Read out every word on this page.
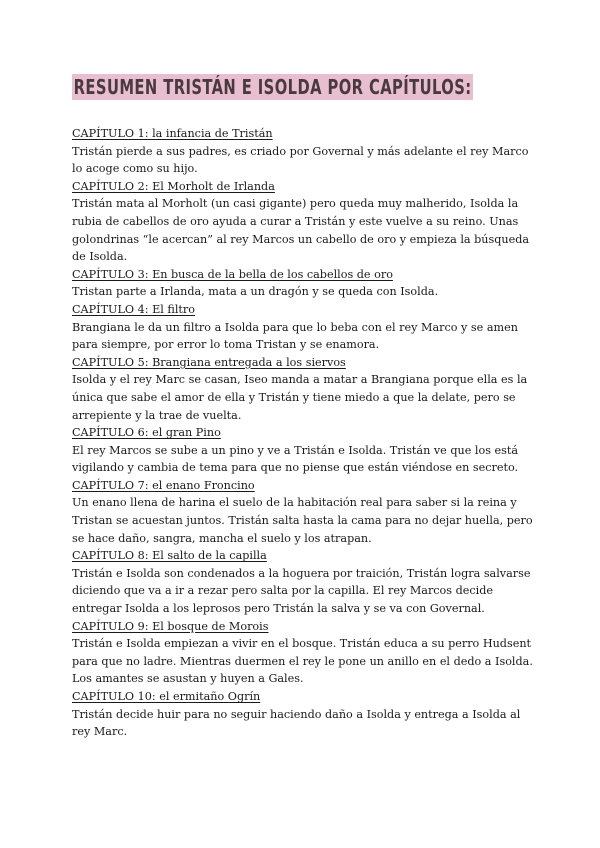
RESUMEN TRISTÁN E ISOLDA POR CAPÍTULOS:
CAPÍTULO 1: la infancia de Tristán

Tristán pierde a sus padres, es criado por Governal y más adelante el rey Marco lo acoge como su hijo.

CAPÍTULO 2: El Morholt de Irlanda

Tristán mata al Morholt (un casi gigante) pero queda muy malherido, Isolda la rubia de cabellos de oro ayuda a curar a Tristán y este vuelve a su reino. Unas golondrinas “le acercan” al rey Marcos un cabello de oro y empieza la búsqueda de Isolda.

CAPÍTULO 3: En busca de la bella de los cabellos de oro

Tristan parte a Irlanda, mata a un dragón y se queda con Isolda.

CAPÍTULO 4: El filtro

Brangiana le da un filtro a Isolda para que lo beba con el rey Marco y se amen para siempre, por error lo toma Tristan y se enamora.

CAPÍTULO 5: Brangiana entregada a los siervos

Isolda y el rey Marc se casan, Iseo manda a matar a Brangiana porque ella es la única que sabe el amor de ella y Tristán y tiene miedo a que la delate, pero se arrepiente y la trae de vuelta.

CAPÍTULO 6: el gran Pino

El rey Marcos se sube a un pino y ve a Tristán e Isolda. Tristán ve que los está vigilando y cambia de tema para que no piense que están viéndose en secreto.

CAPÍTULO 7: el enano Froncino

Un enano llena de harina el suelo de la habitación real para saber si la reina y Tristan se acuestan juntos. Tristán salta hasta la cama para no dejar huella, pero se hace daño, sangra, mancha el suelo y los atrapan.

CAPÍTULO 8: El salto de la capilla

Tristán e Isolda son condenados a la hoguera por traición, Tristán logra salvarse diciendo que va a ir a rezar pero salta por la capilla. El rey Marcos decide entregar Isolda a los leprosos pero Tristán la salva y se va con Governal.

CAPÍTULO 9: El bosque de Morois

Tristán e Isolda empiezan a vivir en el bosque. Tristán educa a su perro Hudsent para que no ladre. Mientras duermen el rey le pone un anillo en el dedo a Isolda. Los amantes se asustan y huyen a Gales.

CAPÍTULO 10: el ermitaño Ogrín

Tristán decide huir para no seguir haciendo daño a Isolda y entrega a Isolda al rey Marc.
